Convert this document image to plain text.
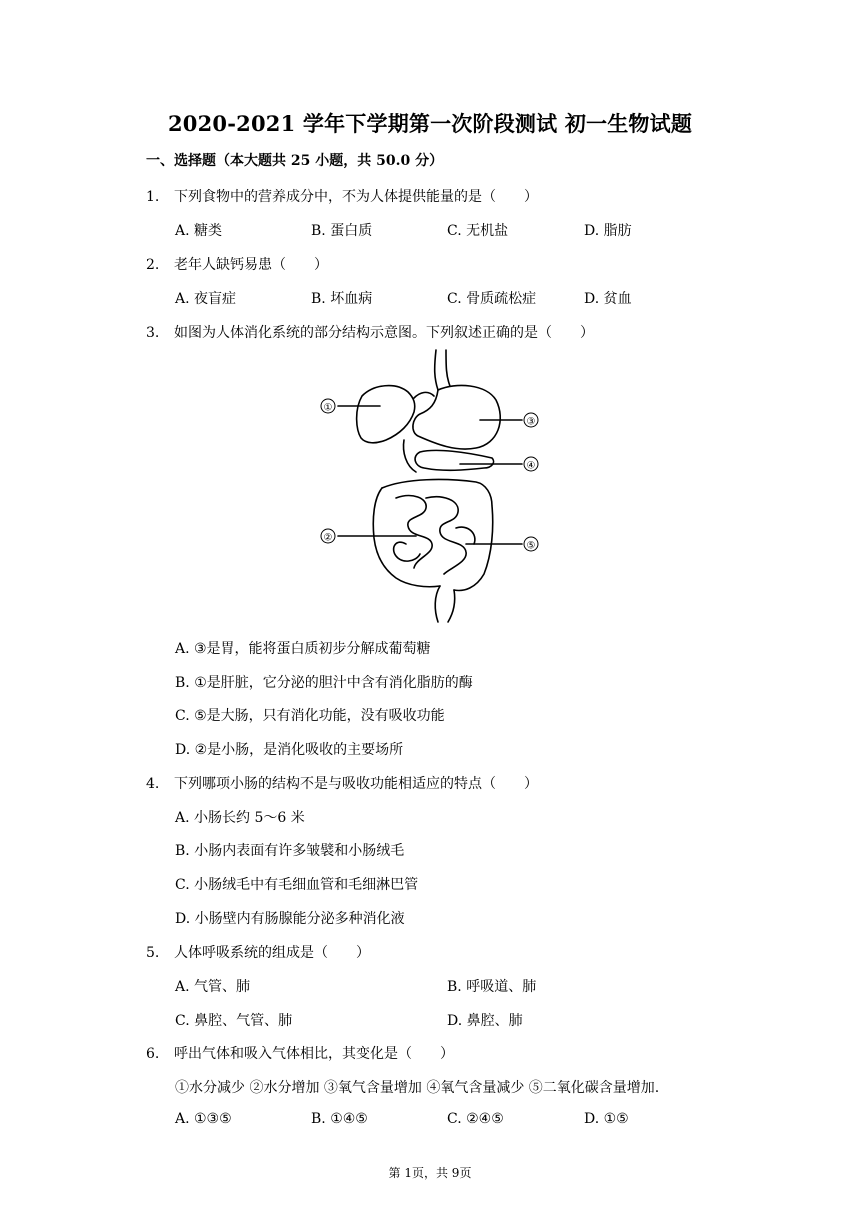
2020-2021 学年下学期第一次阶段测试 初一生物试题
一、选择题（本大题共 25 小题，共 50.0 分）
1. 下列食物中的营养成分中，不为人体提供能量的是（　　）
A. 糖类	B. 蛋白质	C. 无机盐	D. 脂肪
2. 老年人缺钙易患（　　）
A. 夜盲症	B. 坏血病	C. 骨质疏松症	D. 贫血
3. 如图为人体消化系统的部分结构示意图。下列叙述正确的是（　　）
①
②
③
④
⑤
A. ③是胃，能将蛋白质初步分解成葡萄糖
B. ①是肝脏，它分泌的胆汁中含有消化脂肪的酶
C. ⑤是大肠，只有消化功能，没有吸收功能
D. ②是小肠，是消化吸收的主要场所
4. 下列哪项小肠的结构不是与吸收功能相适应的特点（　　）
A. 小肠长约 5～6 米
B. 小肠内表面有许多皱襞和小肠绒毛
C. 小肠绒毛中有毛细血管和毛细淋巴管
D. 小肠壁内有肠腺能分泌多种消化液
5. 人体呼吸系统的组成是（　　）
A. 气管、肺	B. 呼吸道、肺
C. 鼻腔、气管、肺	D. 鼻腔、肺
6. 呼出气体和吸入气体相比，其变化是（　　）
①水分减少 ②水分增加 ③氧气含量增加 ④氧气含量减少 ⑤二氧化碳含量增加.
A. ①③⑤	B. ①④⑤	C. ②④⑤	D. ①⑤
第 1页，共 9页
